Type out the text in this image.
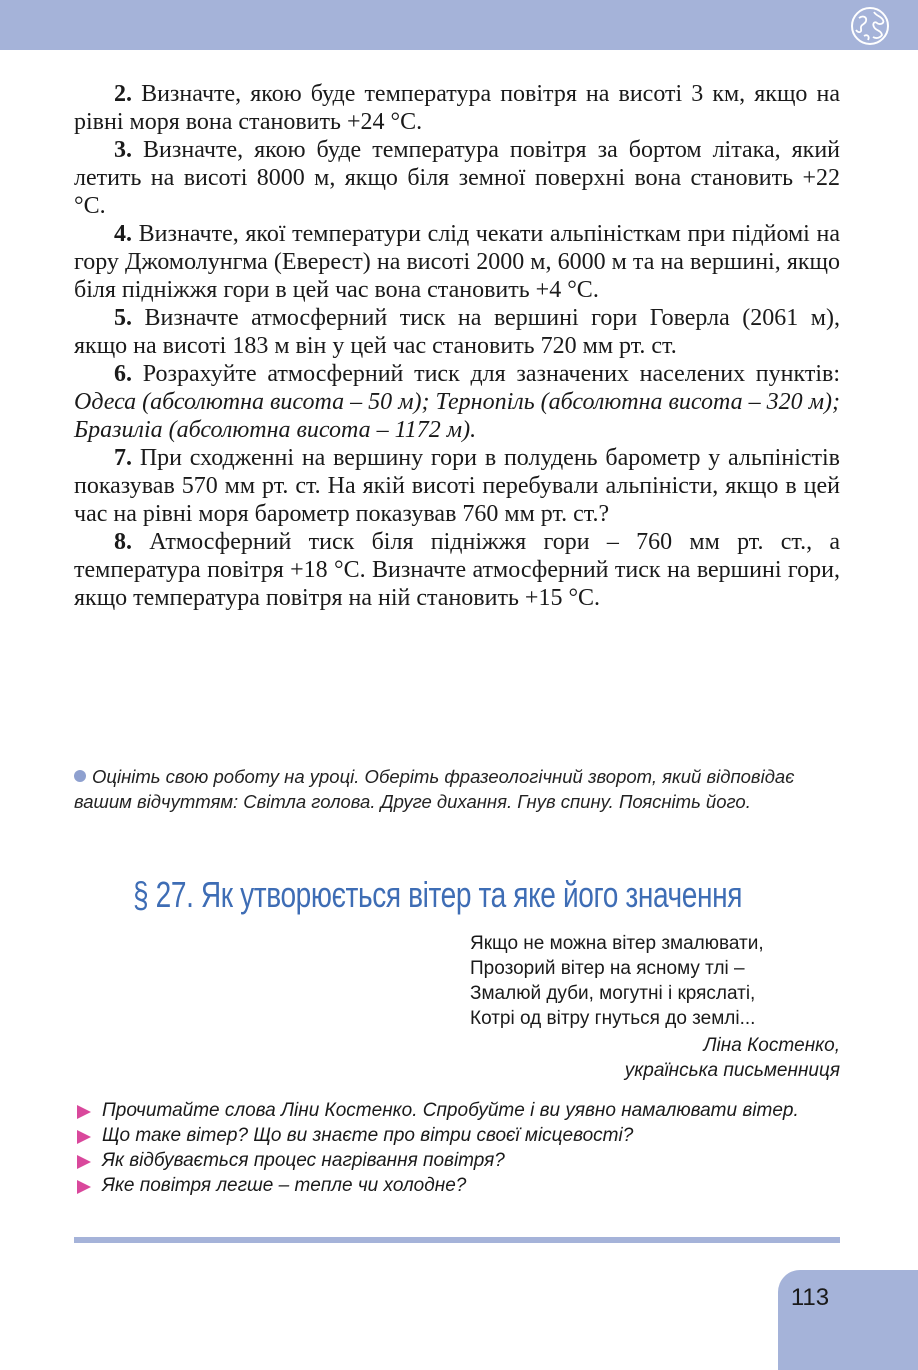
2. Визначте, якою буде температура повітря на висоті 3 км, якщо на рівні моря вона становить +24 °С.

3. Визначте, якою буде температура повітря за бортом літака, який летить на висоті 8000 м, якщо біля земної поверхні вона становить +22 °С.

4. Визначте, якої температури слід чекати альпіністкам при підйомі на гору Джомолунгма (Еверест) на висоті 2000 м, 6000 м та на вершині, якщо біля підніжжя гори в цей час вона становить +4 °С.

5. Визначте атмосферний тиск на вершині гори Говерла (2061 м), якщо на висоті 183 м він у цей час становить 720 мм рт. ст.

6. Розрахуйте атмосферний тиск для зазначених населених пунктів: Одеса (абсолютна висота – 50 м); Тернопіль (абсолютна висота – 320 м); Бразиліа (абсолютна висота – 1172 м).

7. При сходженні на вершину гори в полудень барометр у альпіністів показував 570 мм рт. ст. На якій висоті перебували альпіністи, якщо в цей час на рівні моря барометр показував 760 мм рт. ст.?

8. Атмосферний тиск біля підніжжя гори – 760 мм рт. ст., а температура повітря +18 °С. Визначте атмосферний тиск на вершині гори, якщо температура повітря на ній становить +15 °С.

Оцініть свою роботу на уроці. Оберіть фразеологічний зворот, який відповідає вашим відчуттям: Світла голова. Друге дихання. Гнув спину. Поясніть його.
§ 27. Як утворюється вітер та яке його значення

Якщо не можна вітер змалювати,

Прозорий вітер на ясному тлі –

Змалюй дуби, могутні і кряслаті,

Котрі од вітру гнуться до землі...

Ліна Костенко,
українська письменниця

Прочитайте слова Ліни Костенко. Спробуйте і ви уявно намалювати вітер.

Що таке вітер? Що ви знаєте про вітри своєї місцевості?

Як відбувається процес нагрівання повітря?

Яке повітря легше – тепле чи холодне?

113
